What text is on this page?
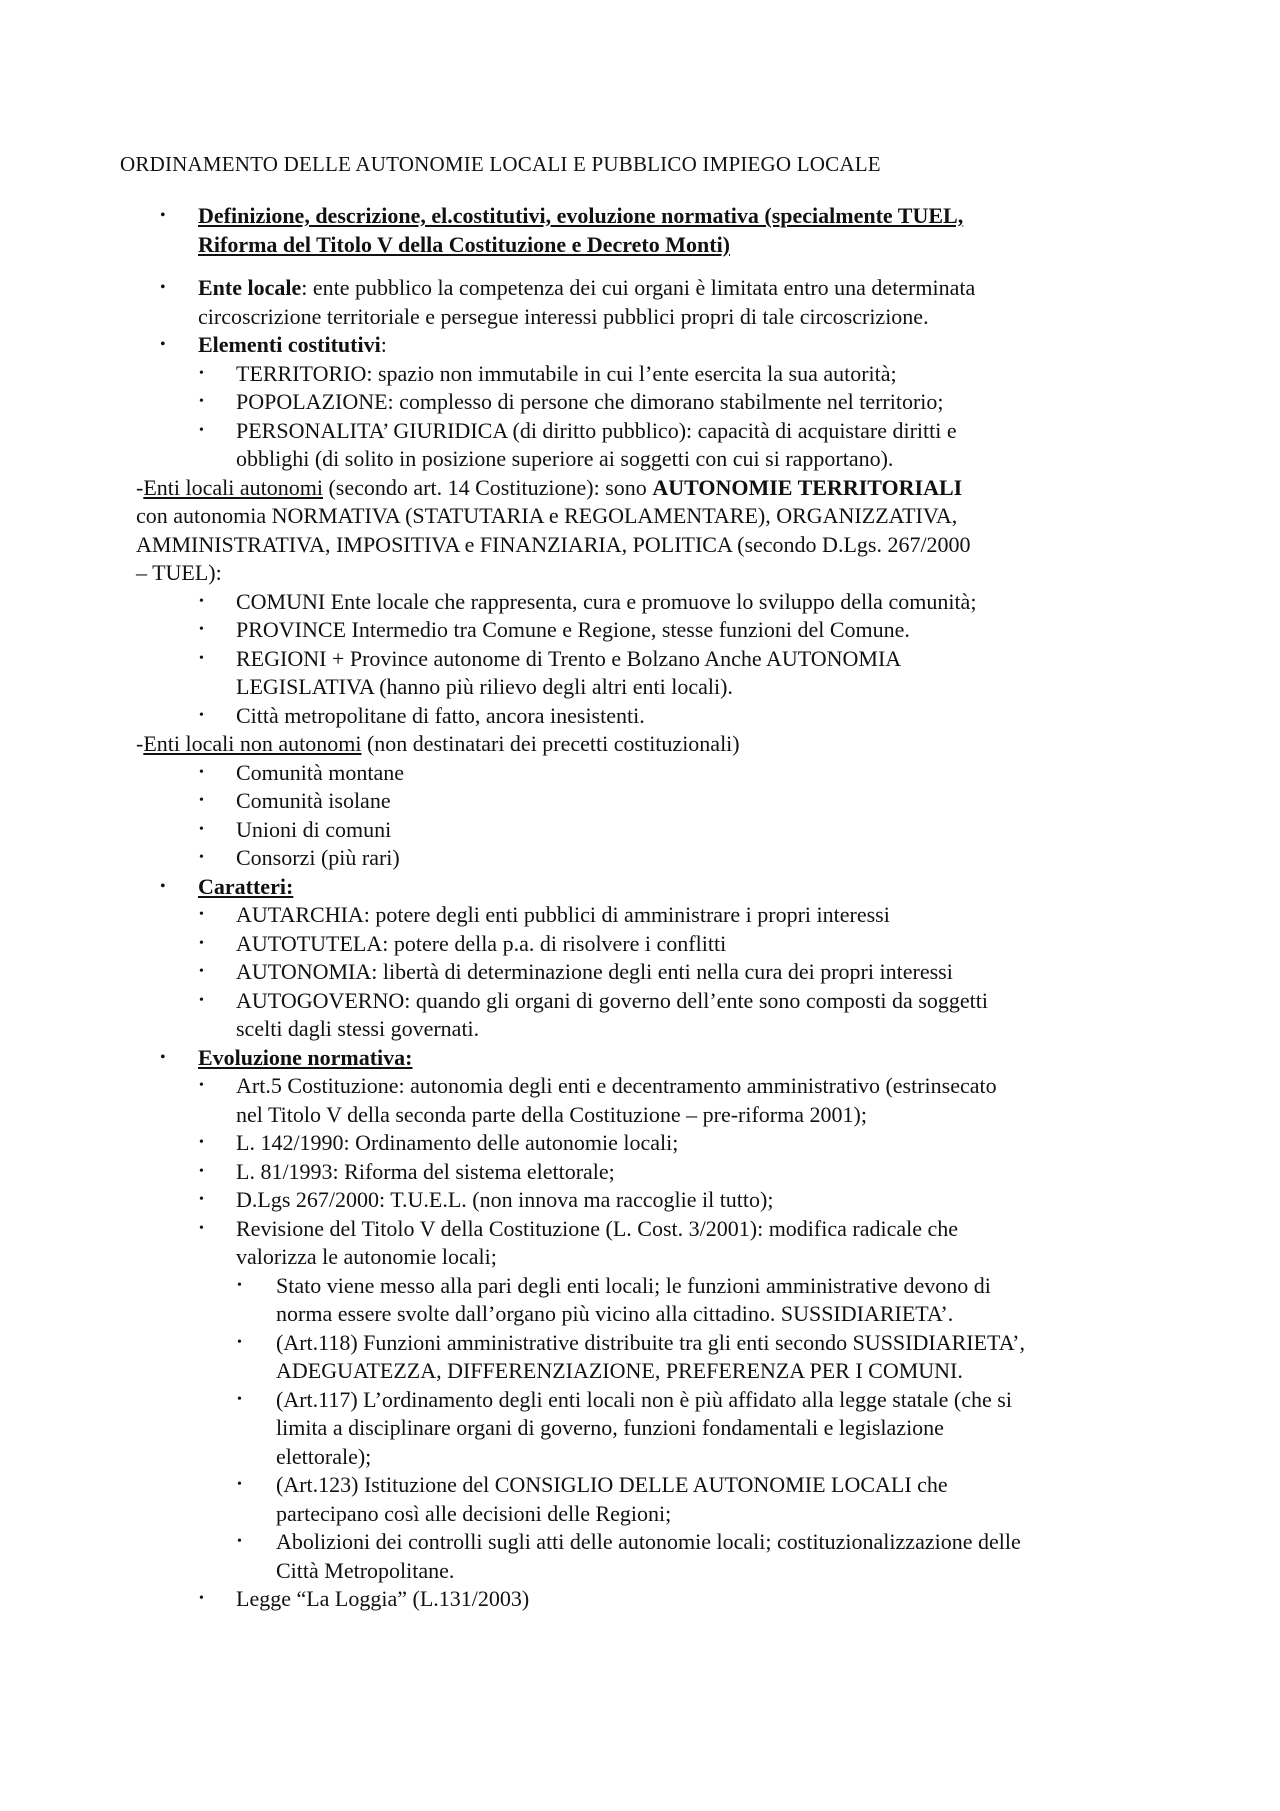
ORDINAMENTO DELLE AUTONOMIE LOCALI E PUBBLICO IMPIEGO LOCALE
• Definizione, descrizione, el.costitutivi, evoluzione normativa (specialmente TUEL,
Riforma del Titolo V della Costituzione e Decreto Monti)
• Ente locale: ente pubblico la competenza dei cui organi è limitata entro una determinata
circoscrizione territoriale e persegue interessi pubblici propri di tale circoscrizione.
• Elementi costitutivi:
• TERRITORIO: spazio non immutabile in cui l’ente esercita la sua autorità;
• POPOLAZIONE: complesso di persone che dimorano stabilmente nel territorio;
• PERSONALITA’ GIURIDICA (di diritto pubblico): capacità di acquistare diritti e
obblighi (di solito in posizione superiore ai soggetti con cui si rapportano).
-Enti locali autonomi (secondo art. 14 Costituzione): sono AUTONOMIE TERRITORIALI
con autonomia NORMATIVA (STATUTARIA e REGOLAMENTARE), ORGANIZZATIVA,
AMMINISTRATIVA, IMPOSITIVA e FINANZIARIA, POLITICA (secondo D.Lgs. 267/2000
– TUEL):
• COMUNI Ente locale che rappresenta, cura e promuove lo sviluppo della comunità;
• PROVINCE Intermedio tra Comune e Regione, stesse funzioni del Comune.
• REGIONI + Province autonome di Trento e Bolzano Anche AUTONOMIA
LEGISLATIVA (hanno più rilievo degli altri enti locali).
• Città metropolitane di fatto, ancora inesistenti.
-Enti locali non autonomi (non destinatari dei precetti costituzionali)
• Comunità montane
• Comunità isolane
• Unioni di comuni
• Consorzi (più rari)
• Caratteri:
• AUTARCHIA: potere degli enti pubblici di amministrare i propri interessi
• AUTOTUTELA: potere della p.a. di risolvere i conflitti
• AUTONOMIA: libertà di determinazione degli enti nella cura dei propri interessi
• AUTOGOVERNO: quando gli organi di governo dell’ente sono composti da soggetti
scelti dagli stessi governati.
• Evoluzione normativa:
• Art.5 Costituzione: autonomia degli enti e decentramento amministrativo (estrinsecato
nel Titolo V della seconda parte della Costituzione – pre-riforma 2001);
• L. 142/1990: Ordinamento delle autonomie locali;
• L. 81/1993: Riforma del sistema elettorale;
• D.Lgs 267/2000: T.U.E.L. (non innova ma raccoglie il tutto);
• Revisione del Titolo V della Costituzione (L. Cost. 3/2001): modifica radicale che
valorizza le autonomie locali;
• Stato viene messo alla pari degli enti locali; le funzioni amministrative devono di
norma essere svolte dall’organo più vicino alla cittadino. SUSSIDIARIETA’.
• (Art.118) Funzioni amministrative distribuite tra gli enti secondo SUSSIDIARIETA’,
ADEGUATEZZA, DIFFERENZIAZIONE, PREFERENZA PER I COMUNI.
• (Art.117) L’ordinamento degli enti locali non è più affidato alla legge statale (che si
limita a disciplinare organi di governo, funzioni fondamentali e legislazione
elettorale);
• (Art.123) Istituzione del CONSIGLIO DELLE AUTONOMIE LOCALI che
partecipano così alle decisioni delle Regioni;
• Abolizioni dei controlli sugli atti delle autonomie locali; costituzionalizzazione delle
Città Metropolitane.
• Legge “La Loggia” (L.131/2003)
